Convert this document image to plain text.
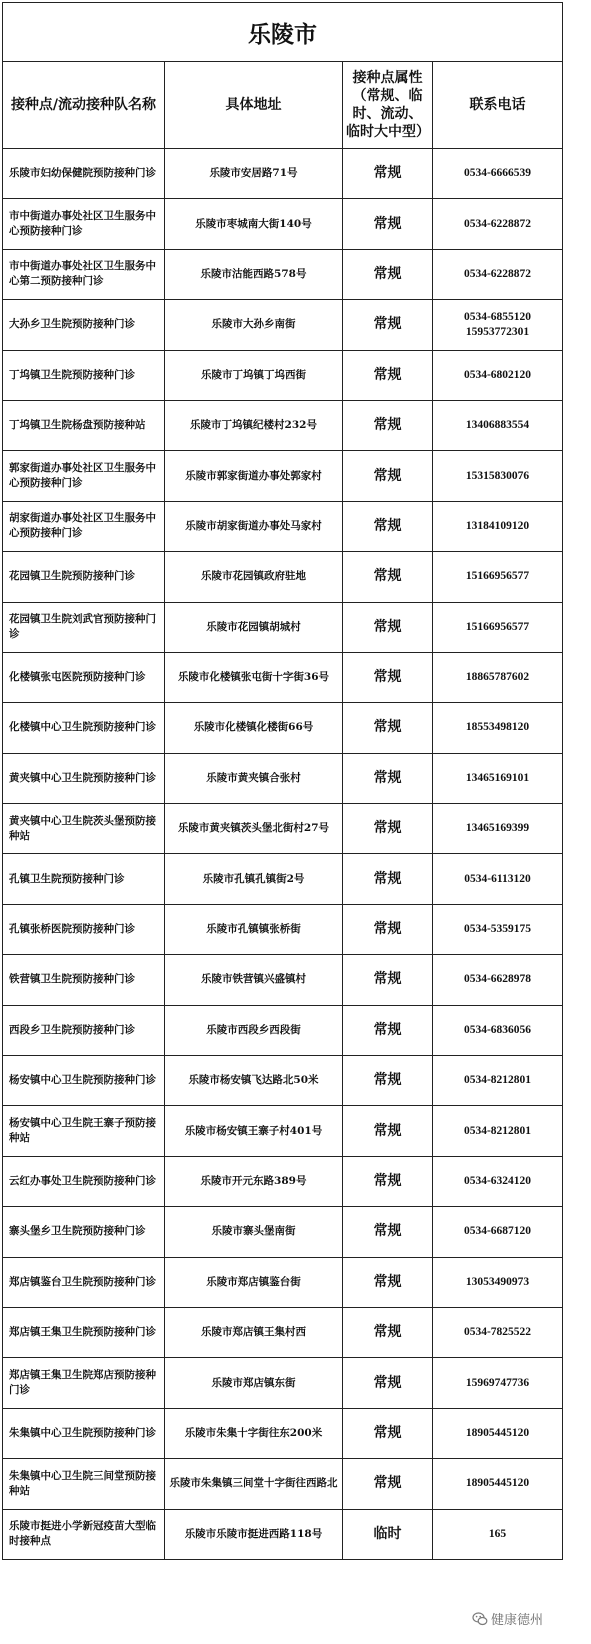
乐陵市			
接种点/流动接种队名称	具体地址	接种点属性（常规、临时、流动、临时大中型）	联系电话
乐陵市妇幼保健院预防接种门诊	乐陵市安居路71号	常规	0534-6666539

市中街道办事处社区卫生服务中心预防接种门诊	乐陵市枣城南大街140号	常规	0534-6228872

市中街道办事处社区卫生服务中心第二预防接种门诊	乐陵市沽能西路578号	常规	0534-6228872

大孙乡卫生院预防接种门诊	乐陵市大孙乡南街	常规	0534-6855120
15953772301

丁坞镇卫生院预防接种门诊	乐陵市丁坞镇丁坞西街	常规	0534-6802120

丁坞镇卫生院杨盘预防接种站	乐陵市丁坞镇纪楼村232号	常规	13406883554

郭家街道办事处社区卫生服务中心预防接种门诊	乐陵市郭家街道办事处郭家村	常规	15315830076

胡家街道办事处社区卫生服务中心预防接种门诊	乐陵市胡家街道办事处马家村	常规	13184109120

花园镇卫生院预防接种门诊	乐陵市花园镇政府驻地	常规	15166956577

花园镇卫生院刘武官预防接种门诊	乐陵市花园镇胡城村	常规	15166956577

化楼镇张屯医院预防接种门诊	乐陵市化楼镇张屯街十字街36号	常规	18865787602

化楼镇中心卫生院预防接种门诊	乐陵市化楼镇化楼街66号	常规	18553498120

黄夹镇中心卫生院预防接种门诊	乐陵市黄夹镇合张村	常规	13465169101

黄夹镇中心卫生院茨头堡预防接种站	乐陵市黄夹镇茨头堡北街村27号	常规	13465169399

孔镇卫生院预防接种门诊	乐陵市孔镇孔镇街2号	常规	0534-6113120

孔镇张桥医院预防接种门诊	乐陵市孔镇镇张桥街	常规	0534-5359175

铁营镇卫生院预防接种门诊	乐陵市铁营镇兴盛镇村	常规	0534-6628978

西段乡卫生院预防接种门诊	乐陵市西段乡西段街	常规	0534-6836056

杨安镇中心卫生院预防接种门诊	乐陵市杨安镇飞达路北50米	常规	0534-8212801

杨安镇中心卫生院王寨子预防接种站	乐陵市杨安镇王寨子村401号	常规	0534-8212801

云红办事处卫生院预防接种门诊	乐陵市开元东路389号	常规	0534-6324120

寨头堡乡卫生院预防接种门诊	乐陵市寨头堡南街	常规	0534-6687120

郑店镇鉴台卫生院预防接种门诊	乐陵市郑店镇鉴台街	常规	13053490973

郑店镇王集卫生院预防接种门诊	乐陵市郑店镇王集村西	常规	0534-7825522

郑店镇王集卫生院郑店预防接种门诊	乐陵市郑店镇东街	常规	15969747736

朱集镇中心卫生院预防接种门诊	乐陵市朱集十字街往东200米	常规	18905445120

朱集镇中心卫生院三间堂预防接种站	乐陵市朱集镇三间堂十字街往西路北	常规	18905445120

乐陵市挺进小学新冠疫苗大型临时接种点	乐陵市乐陵市挺进西路118号	临时	165
健康德州
